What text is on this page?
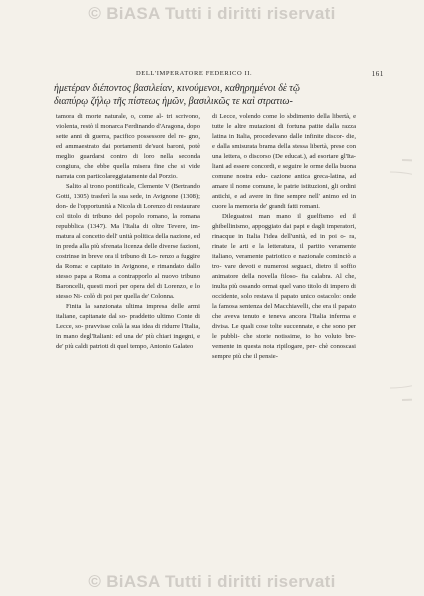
© BiASA Tutti i diritti riservati
DELL'IMPERATORE FEDERICO II.	161
ἡμετέραν διέποντος βασιλείαν, κινούμενοι, καθηρημένοι δὲ τῷ
διαπύρῳ ζήλῳ τῆς πίστεως ἡμῶν, βασιλικῶς τε καὶ στρατιω-

tamora di morte naturale, o, come al- tri scrivono, violenta, restò il monarca Ferdinando d'Aragona, dopo sette anni di guerra, pacifico possessore del re- gno, ed ammaestrato dai portamenti de'suoi baroni, potè meglio guardarsi contro di loro nella seconda congiura, che ebbe quella misera fine che si vide narrata con particolareggiatamente dal Porzio.

Salito al trono pontificale, Clemente V (Bertrando Gotti, 1305) trasferì la sua sede, in Avignone (1308); don- de l'opportunità a Nicola di Lorenzo di restaurare col titolo di tribuno del popolo romano, la romana repubblica (1347). Ma l'Italia di oltre Tevere, im- matura al concetto dell' unità politica della nazione, ed in preda alla più sfrenata licenza delle diverse fazioni, costrinse in breve ora il tribuno di Lo- renzo a fuggire da Roma: e capitato in Avignone, e rimandato dallo stesso papa a Roma a contrapporlo al nuovo tribuno Baroncelli, questi morì per opera del di Lorenzo, e lo stesso Ni- colò di poi per quella de' Colonna.

Finita la sanzionata ultima impresa delle armi italiane, capitanate dal so- praddetto ultimo Conte di Lecce, so- pravvisse colà la sua idea di ridurre l'Italia, in mano degl'Italiani: ed una de' più chiari ingegni, e de' più caldi patrioti di quel tempo, Antonio Galateo

di Lecce, volendo come lo sbdimento della libertà, e tutte le altre mutazioni di fortuna patite dalla razza latina in Italia, procedevano dalle infinite discor- die, e dalla smisurata brama della stessa libertà, prese con una lettera, o discorso (De educat.), ad esortare gl'Ita- liani ad essere concordi, e seguire le orme della buona comune nostra edu- cazione antica greca-latina, ad amare il nome comune, le patrie istituzioni, gli ordini antichi, e ad avere in fine sempre nell' animo ed in cuore la memoria de' grandi fatti romani.

Dileguatosi man mano il guelfismo ed il ghibellinismo, appoggiato dai papi e dagli imperatori, rinacque in Italia l'idea dell'unità, ed in poi o- ra, rinate le arti e la letteratura, il partito veramente italiano, veramente patriotico e nazionale cominciò a tro- vare devoti e numerosi seguaci, dietro il soffio animatore della novella filoso- fia calabra. Al che, inulta più ossando ormai quel vano titolo di impero di occidente, solo restava il papato unico ostacolo: onde la famosa sentenza del Macchiavelli, che era il papato che aveva tenuto e teneva ancora l'Italia inferma e divisa. Le quali cose tolte succennate, e che sono per le pubbli- che storie notissime, io ho voluto bre- vemente in questa nota ripilogare, per- chè conoscasi sempre più che il pensie-

© BiASA Tutti i diritti riservati
